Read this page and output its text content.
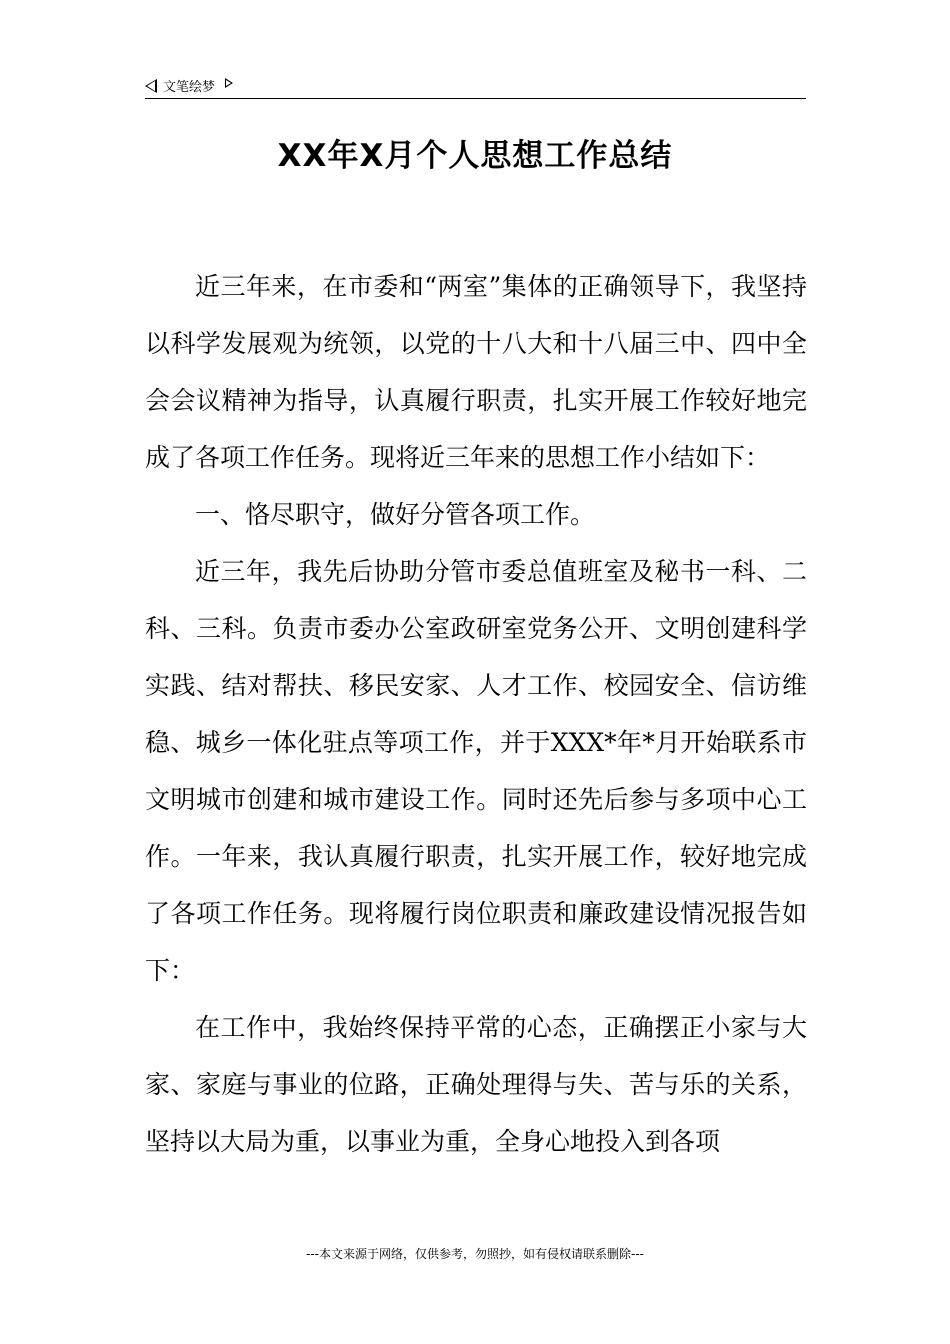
文笔绘梦
XX年X月个人思想工作总结

近三年来，在市委和“两室”集体的正确领导下，我坚持以科学发展观为统领，以党的十八大和十八届三中、四中全会会议精神为指导，认真履行职责，扎实开展工作较好地完成了各项工作任务。现将近三年来的思想工作小结如下：

一、恪尽职守，做好分管各项工作。

近三年，我先后协助分管市委总值班室及秘书一科、二科、三科。负责市委办公室政研室党务公开、文明创建科学实践、结对帮扶、移民安家、人才工作、校园安全、信访维稳、城乡一体化驻点等项工作，并于XXX*年*月开始联系市文明城市创建和城市建设工作。同时还先后参与多项中心工作。一年来，我认真履行职责，扎实开展工作，较好地完成了各项工作任务。现将履行岗位职责和廉政建设情况报告如下：

在工作中，我始终保持平常的心态，正确摆正小家与大家、家庭与事业的位路，正确处理得与失、苦与乐的关系，坚持以大局为重，以事业为重，全身心地投入到各项

---本文来源于网络，仅供参考，勿照抄，如有侵权请联系删除---
